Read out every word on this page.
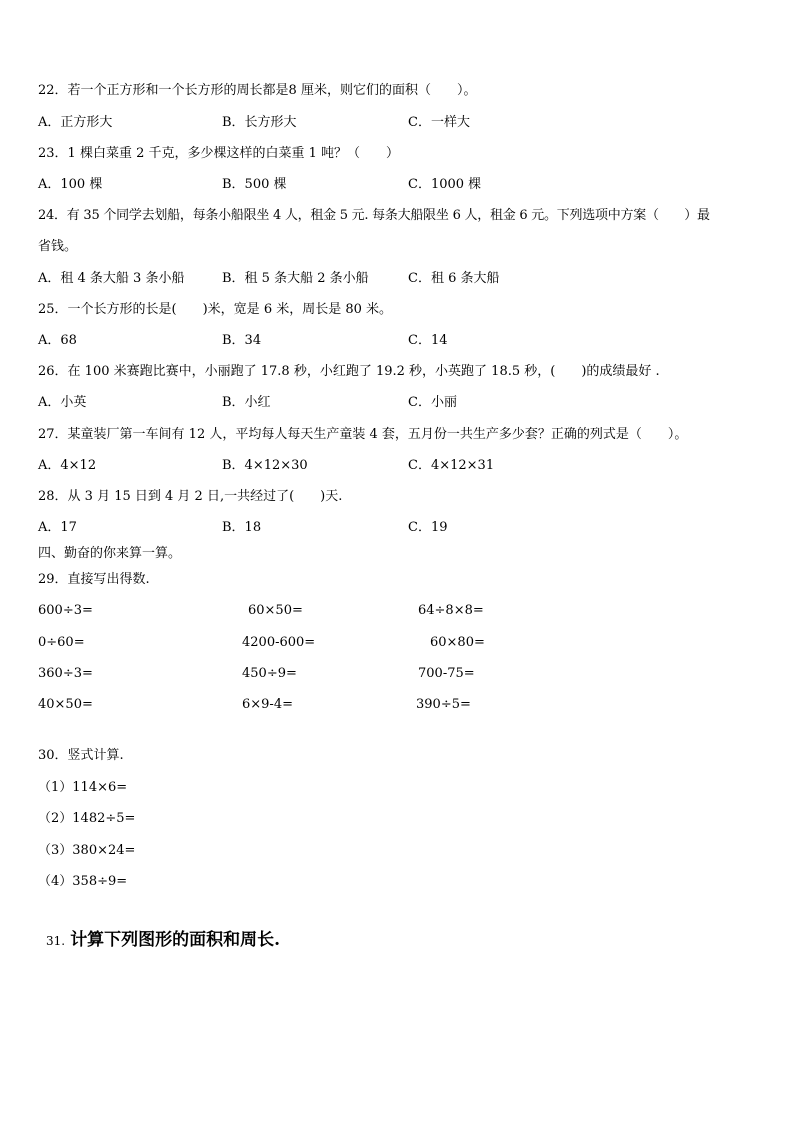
22．若一个正方形和一个长方形的周长都是8 厘米，则它们的面积（　　）。
A．正方形大	B．长方形大	C．一样大
23．1 棵白菜重 2 千克，多少棵这样的白菜重 1 吨？（　　）
A．100 棵	B．500 棵	C．1000 棵
24．有 35 个同学去划船，每条小船限坐 4 人，租金 5 元. 每条大船限坐 6 人，租金 6 元。下列选项中方案（　　）最
省钱。
A．租 4 条大船 3 条小船	B．租 5 条大船 2 条小船	C．租 6 条大船
25．一个长方形的长是(　　)米，宽是 6 米，周长是 80 米。
A．68	B．34	C．14
26．在 100 米赛跑比赛中，小丽跑了 17.8 秒，小红跑了 19.2 秒，小英跑了 18.5 秒，(　　)的成绩最好 .
A．小英	B．小红	C．小丽
27．某童装厂第一车间有 12 人，平均每人每天生产童装 4 套，五月份一共生产多少套？正确的列式是（　　）。
A．4×12	B．4×12×30	C．4×12×31
28．从 3 月 15 日到 4 月 2 日,一共经过了(　　)天.
A．17	B．18	C．19
四、勤奋的你来算一算。
29．直接写出得数.
600÷3=	60×50=	64÷8×8=
0÷60=	4200-600=	60×80=
360÷3=	450÷9=	700-75=
40×50=	6×9-4=	390÷5=
30．竖式计算.
（1）114×6=
（2）1482÷5=
（3）380×24=
（4）358÷9=
31. 计算下列图形的面积和周长.
